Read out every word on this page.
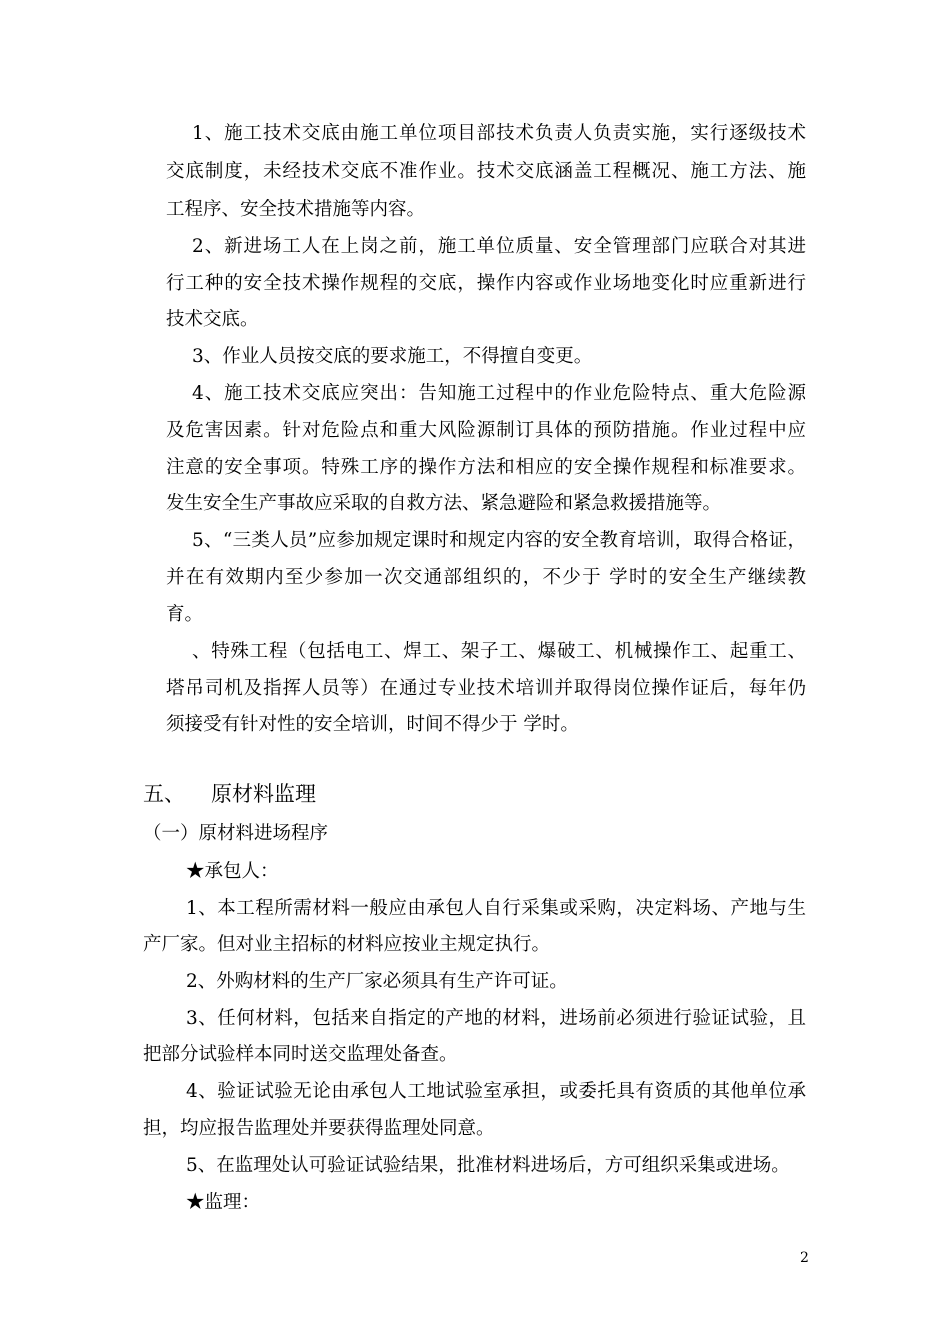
1、施工技术交底由施工单位项目部技术负责人负责实施，实行逐级技术
交底制度，未经技术交底不准作业。技术交底涵盖工程概况、施工方法、施
工程序、安全技术措施等内容。
2、新进场工人在上岗之前，施工单位质量、安全管理部门应联合对其进
行工种的安全技术操作规程的交底，操作内容或作业场地变化时应重新进行
技术交底。
3、作业人员按交底的要求施工，不得擅自变更。
4、施工技术交底应突出：告知施工过程中的作业危险特点、重大危险源
及危害因素。针对危险点和重大风险源制订具体的预防措施。作业过程中应
注意的安全事项。特殊工序的操作方法和相应的安全操作规程和标准要求。
发生安全生产事故应采取的自救方法、紧急避险和紧急救援措施等。
5、“三类人员”应参加规定课时和规定内容的安全教育培训，取得合格证，
并在有效期内至少参加一次交通部组织的，不少于 学时的安全生产继续教
育。
、特殊工程（包括电工、焊工、架子工、爆破工、机械操作工、起重工、
塔吊司机及指挥人员等）在通过专业技术培训并取得岗位操作证后，每年仍
须接受有针对性的安全培训，时间不得少于 学时。
五、 原材料监理
（一）原材料进场程序
★承包人：
1、本工程所需材料一般应由承包人自行采集或采购，决定料场、产地与生
产厂家。但对业主招标的材料应按业主规定执行。
2、外购材料的生产厂家必须具有生产许可证。
3、任何材料，包括来自指定的产地的材料，进场前必须进行验证试验，且
把部分试验样本同时送交监理处备查。
4、验证试验无论由承包人工地试验室承担，或委托具有资质的其他单位承
担，均应报告监理处并要获得监理处同意。
5、在监理处认可验证试验结果，批准材料进场后，方可组织采集或进场。
★监理：
2
